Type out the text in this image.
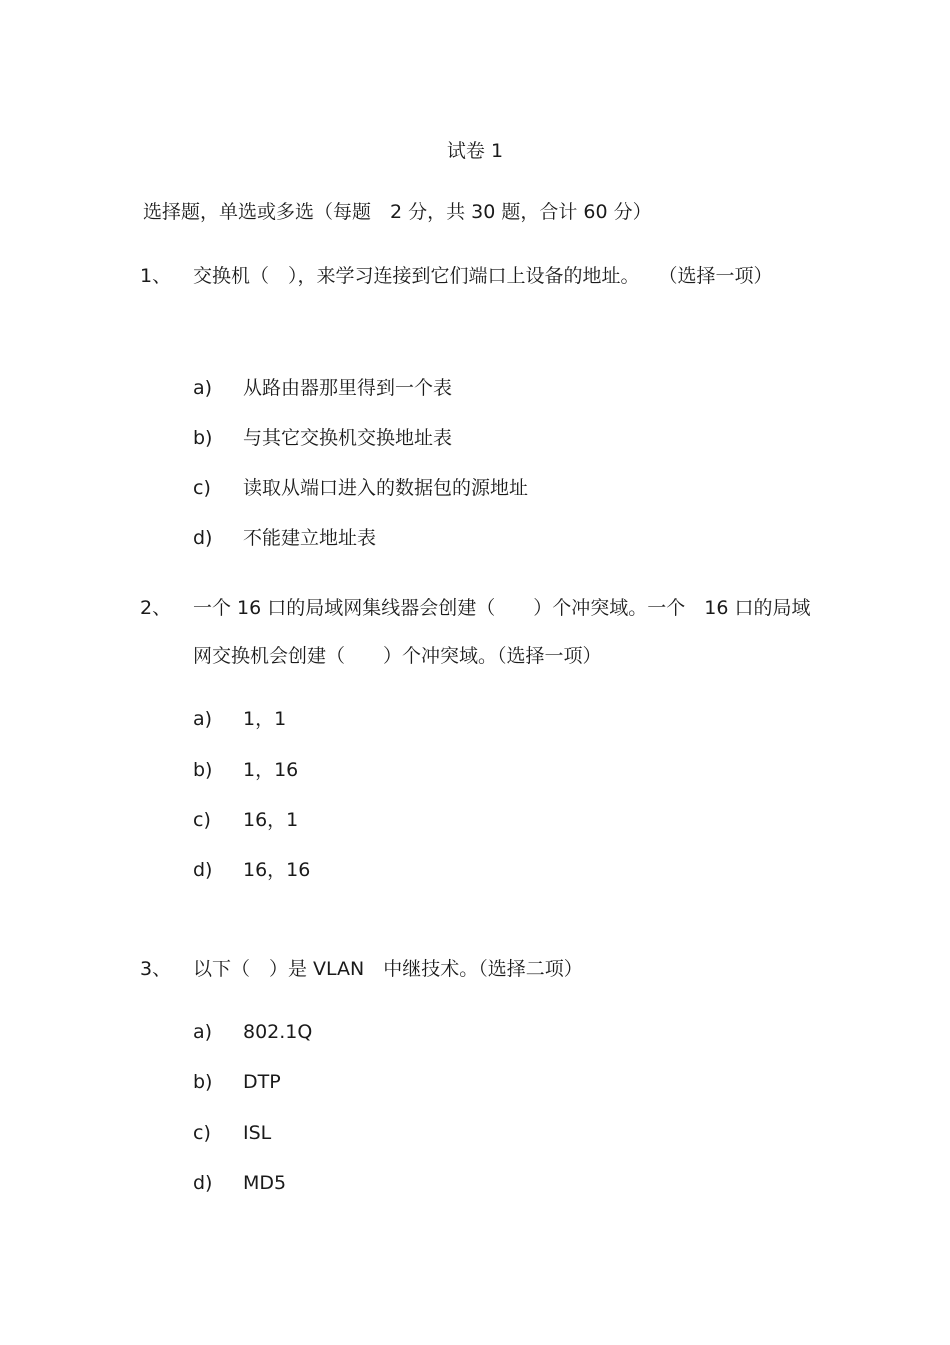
试卷 1
选择题，单选或多选（每题　2 分，共 30 题，合计 60 分）
1、 交换机（　），来学习连接到它们端口上设备的地址。　　（选择一项）
a) 从路由器那里得到一个表
b) 与其它交换机交换地址表
c) 读取从端口进入的数据包的源地址
d) 不能建立地址表
2、 一个 16 口的局域网集线器会创建（　　）个冲突域。一个　16 口的局域网交换机会创建（　　）个冲突域。（选择一项）
a) 1，1
b) 1，16
c) 16，1
d) 16，16
3、 以下（　）是 VLAN　中继技术。（选择二项）
a) 802.1Q
b) DTP
c) ISL
d) MD5
